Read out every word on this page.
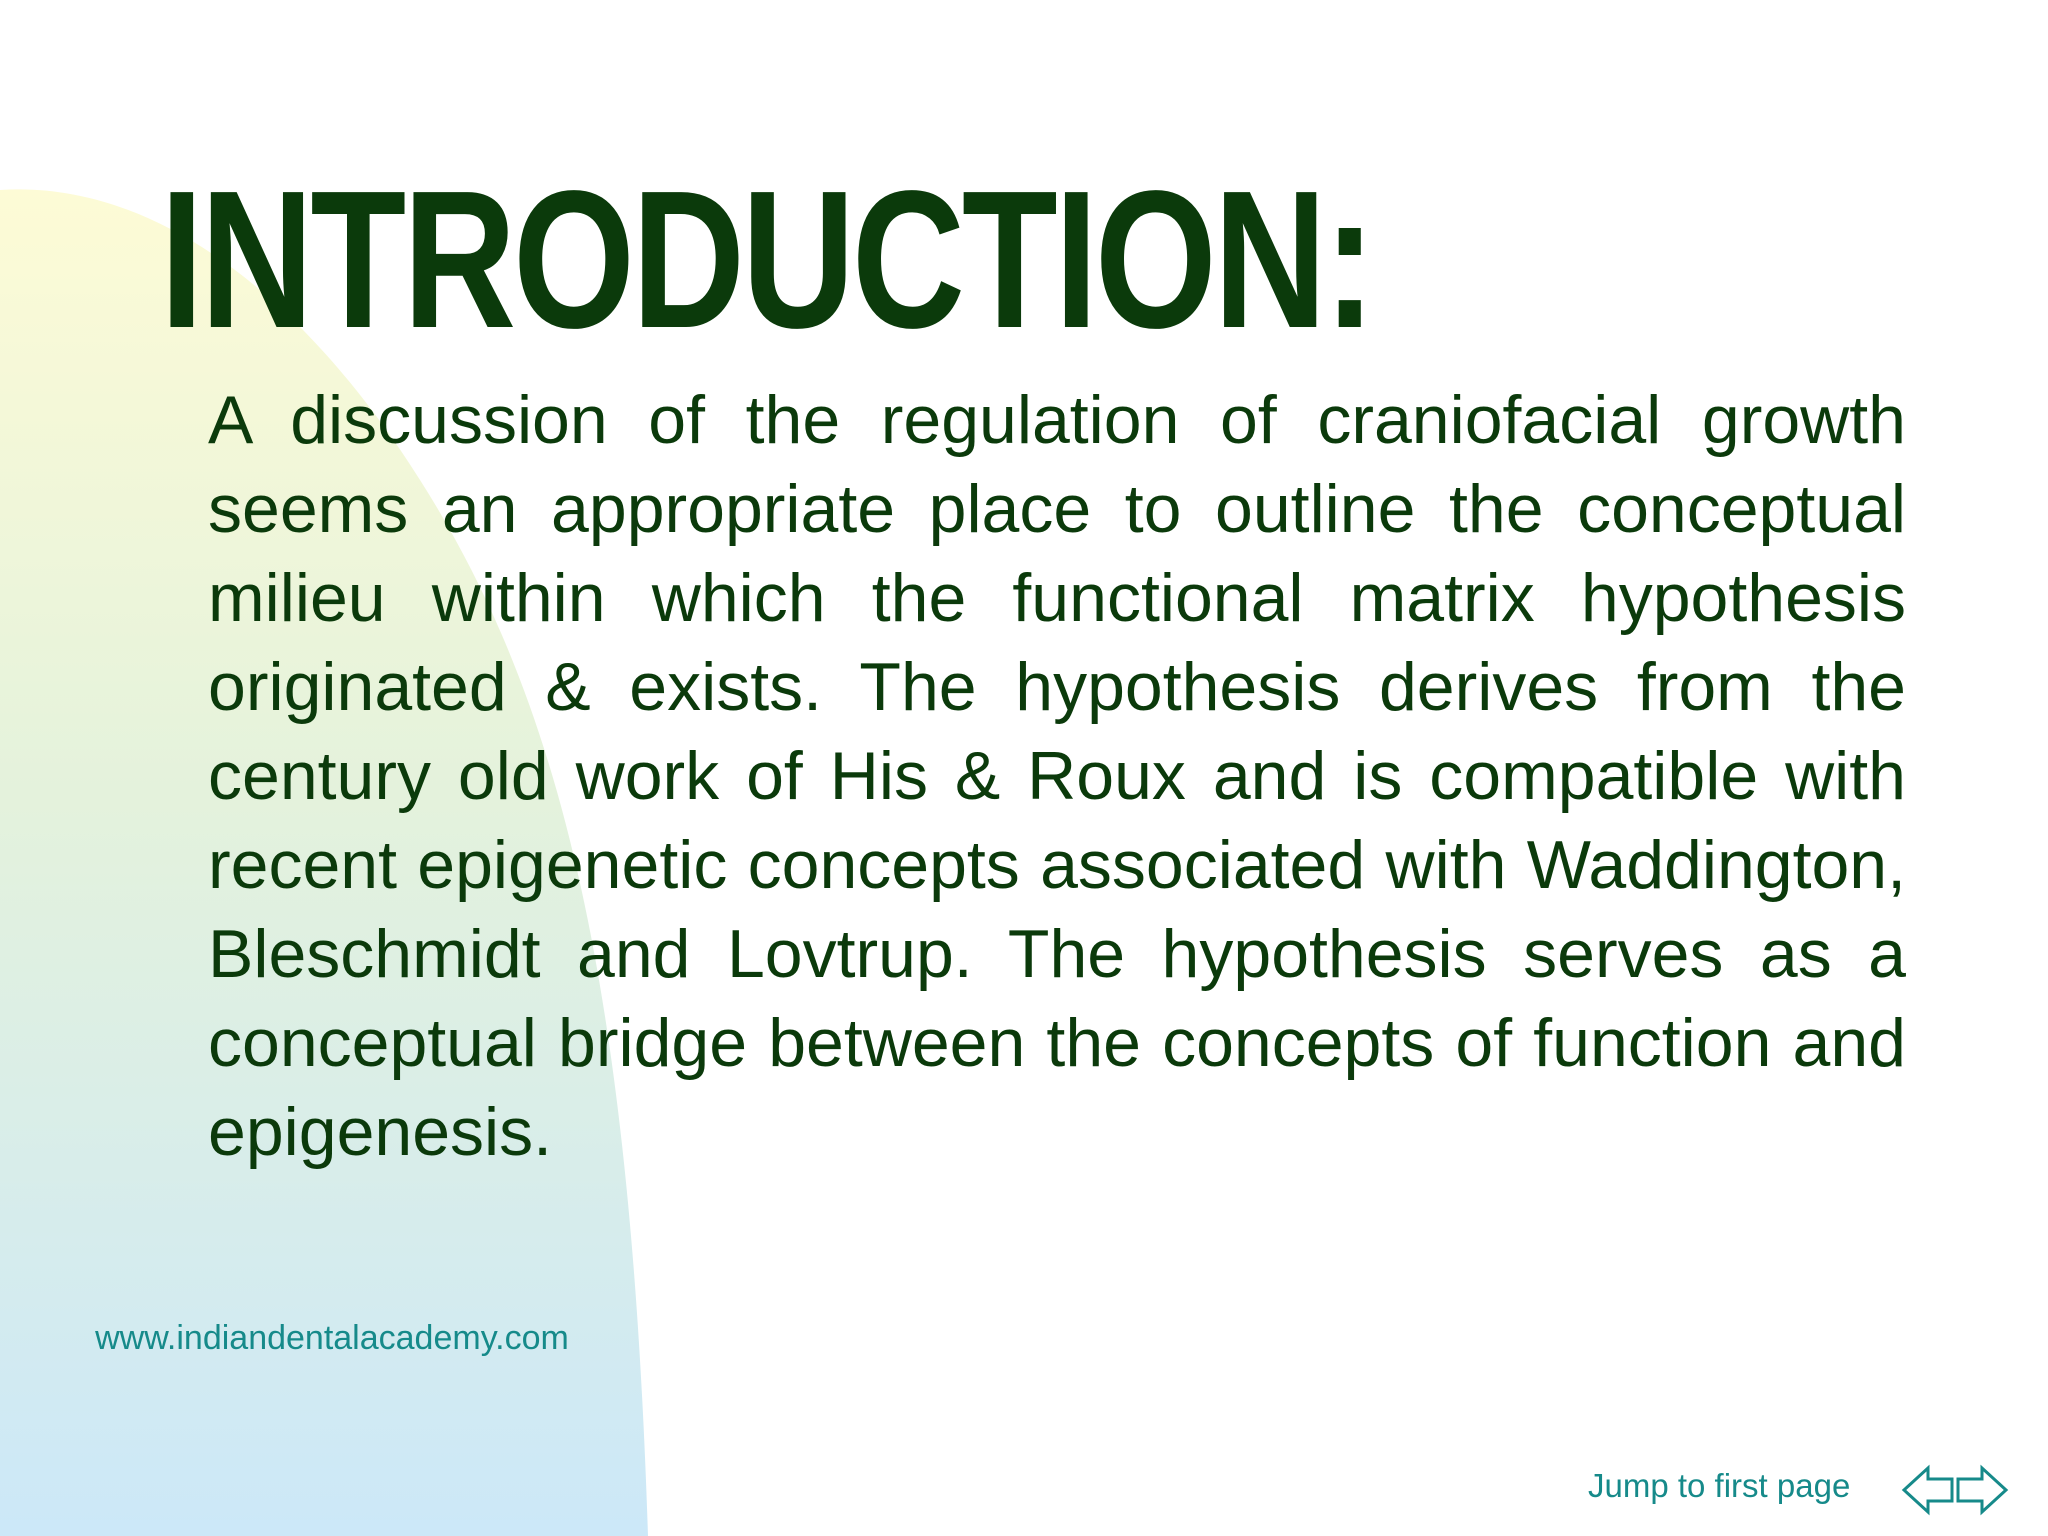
INTRODUCTION:

A discussion of the regulation of craniofacial growth seems an appropriate place to outline the conceptual milieu within which the functional matrix hypothesis originated & exists. The hypothesis derives from the century old work of His & Roux and is compatible with recent epigenetic concepts associated with Waddington, Bleschmidt and Lovtrup. The hypothesis serves as a conceptual bridge between the concepts of function and epigenesis.

www.indiandentalacademy.com
Jump to first page
